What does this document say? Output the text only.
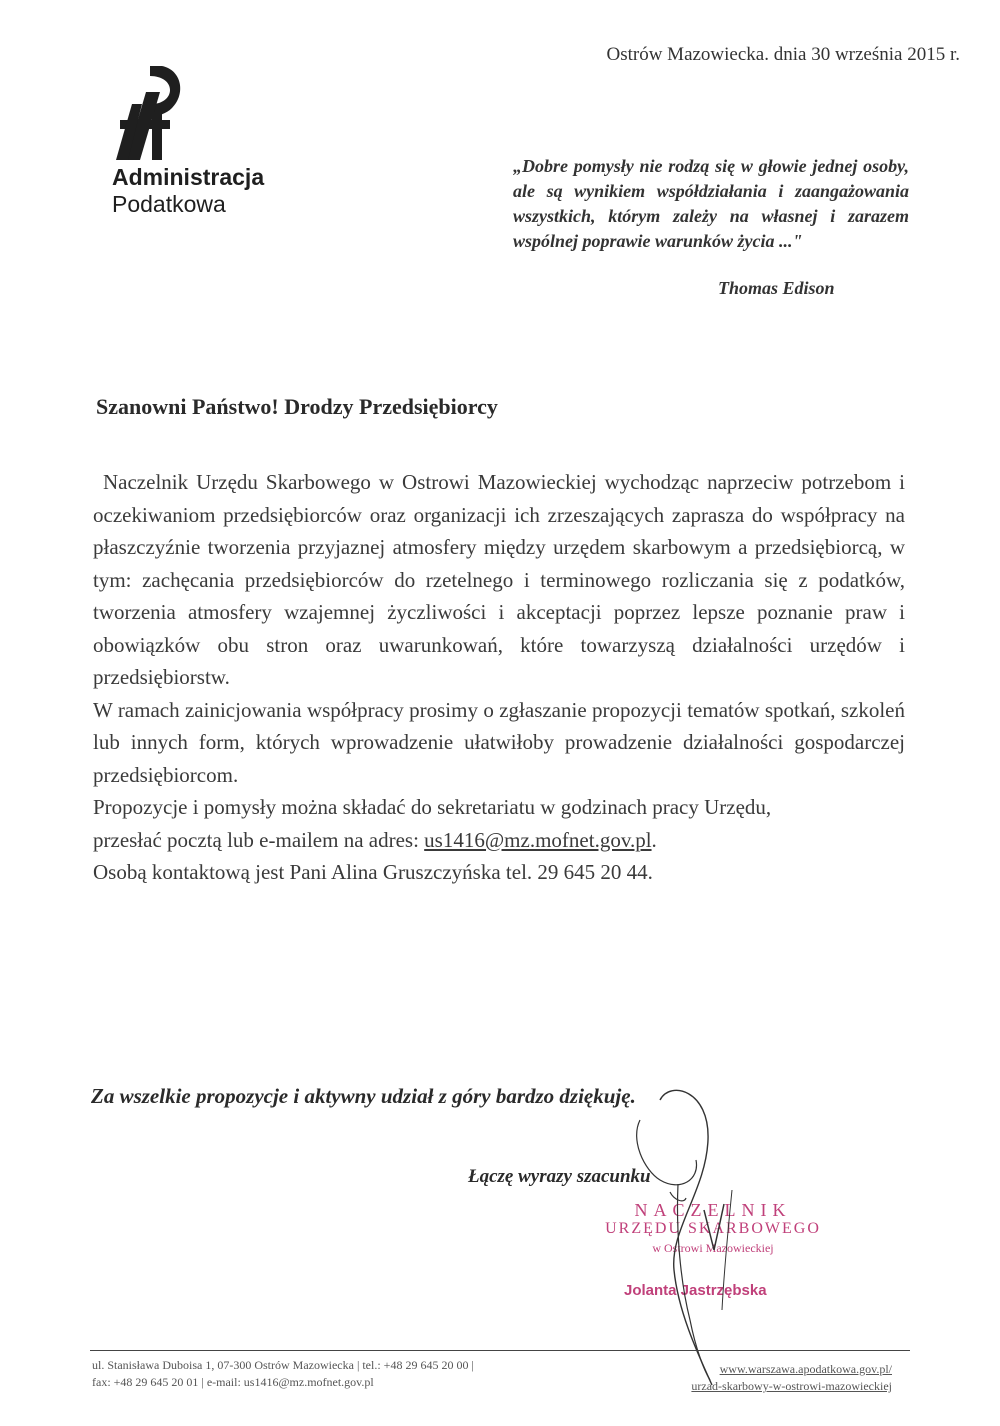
Ostrów Mazowiecka. dnia 30 września 2015 r.
Administracja
Podatkowa
„Dobre pomysły nie rodzą się w głowie jednej osoby, ale są wynikiem współdziałania i zaangażowania wszystkich, którym zależy na własnej i zarazem wspólnej poprawie warunków życia ..."
Thomas Edison
Szanowni Państwo! Drodzy Przedsiębiorcy

Naczelnik Urzędu Skarbowego w Ostrowi Mazowieckiej wychodząc naprzeciw potrzebom i oczekiwaniom przedsiębiorców oraz organizacji ich zrzeszających zaprasza do współpracy na płaszczyźnie tworzenia przyjaznej atmosfery między urzędem skarbowym a przedsiębiorcą, w tym: zachęcania przedsiębiorców do rzetelnego i terminowego rozliczania się z podatków, tworzenia atmosfery wzajemnej życzliwości i akceptacji poprzez lepsze poznanie praw i obowiązków obu stron oraz uwarunkowań, które towarzyszą działalności urzędów i przedsiębiorstw.

W ramach zainicjowania współpracy prosimy o zgłaszanie propozycji tematów spotkań, szkoleń lub innych form, których wprowadzenie ułatwiłoby prowadzenie działalności gospodarczej przedsiębiorcom.

Propozycje i pomysły można składać do sekretariatu w godzinach pracy Urzędu,

przesłać pocztą lub e-mailem na adres: us1416@mz.mofnet.gov.pl.

Osobą kontaktową jest Pani Alina Gruszczyńska tel. 29 645 20 44.

Za wszelkie propozycje i aktywny udział z góry bardzo dziękuję.
Łączę wyrazy szacunku
NACZELNIK
URZĘDU SKARBOWEGO
w Ostrowi Mazowieckiej
Jolanta Jastrzębska
ul. Stanisława Duboisa 1, 07-300 Ostrów Mazowiecka | tel.: +48 29 645 20 00 |
fax: +48 29 645 20 01 | e-mail: us1416@mz.mofnet.gov.pl
www.warszawa.apodatkowa.gov.pl/
urzad-skarbowy-w-ostrowi-mazowieckiej
